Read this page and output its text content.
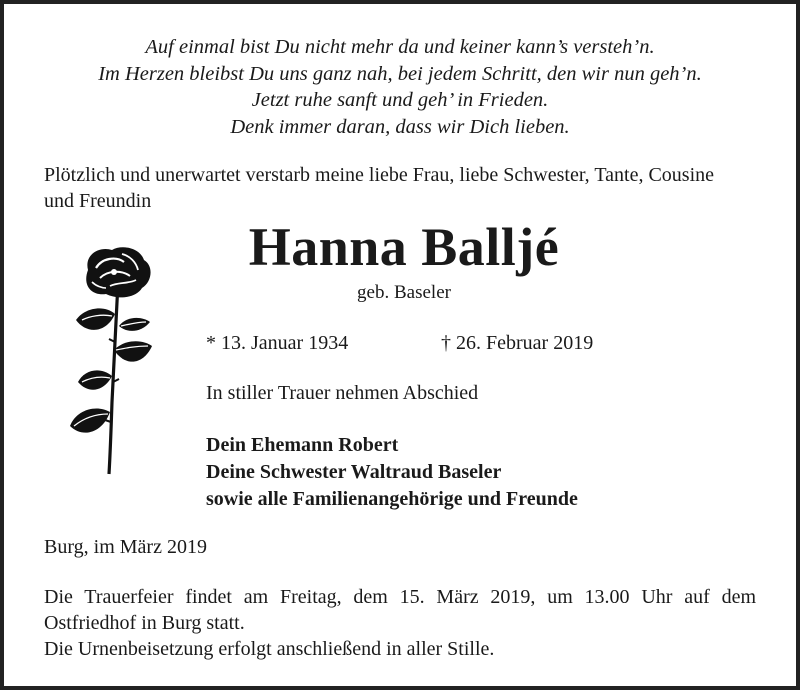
Auf einmal bist Du nicht mehr da und keiner kann’s versteh’n.
Im Herzen bleibst Du uns ganz nah, bei jedem Schritt, den wir nun geh’n.
Jetzt ruhe sanft und geh’ in Frieden.
Denk immer daran, dass wir Dich lieben.
Plötzlich und unerwartet verstarb meine liebe Frau, liebe Schwester, Tante, Cousine
und Freundin
Hanna Balljé
geb. Baseler
* 13. Januar 1934	† 26. Februar 2019
In stiller Trauer nehmen Abschied
Dein Ehemann Robert
Deine Schwester Waltraud Baseler
sowie alle Familienangehörige und Freunde
Burg, im März 2019
Die Trauerfeier findet am Freitag, dem 15. März 2019, um 13.00 Uhr auf dem
Ostfriedhof in Burg statt.
Die Urnenbeisetzung erfolgt anschließend in aller Stille.
